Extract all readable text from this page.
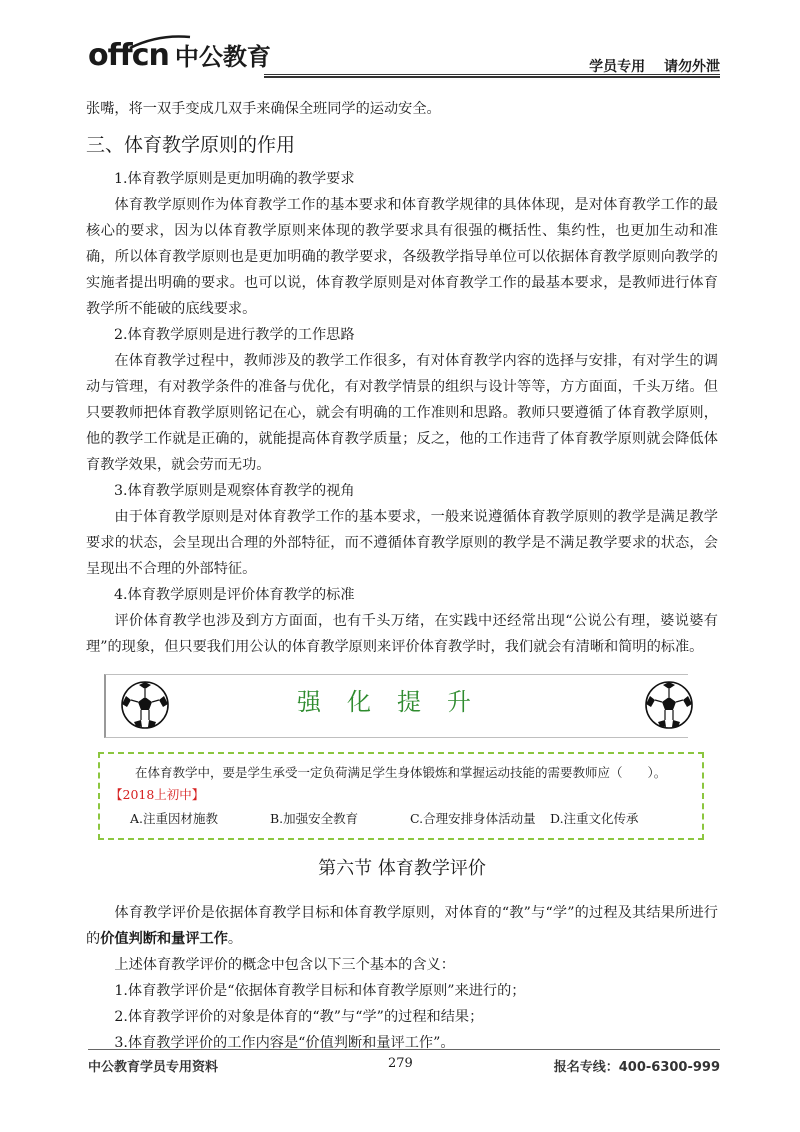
offcn 中公教育	学员专用 请勿外泄

张嘴，将一双手变成几双手来确保全班同学的运动安全。

三、体育教学原则的作用

1.体育教学原则是更加明确的教学要求

体育教学原则作为体育教学工作的基本要求和体育教学规律的具体体现，是对体育教学工作的最核心的要求，因为以体育教学原则来体现的教学要求具有很强的概括性、集约性，也更加生动和准确，所以体育教学原则也是更加明确的教学要求，各级教学指导单位可以依据体育教学原则向教学的实施者提出明确的要求。也可以说，体育教学原则是对体育教学工作的最基本要求，是教师进行体育教学所不能破的底线要求。

2.体育教学原则是进行教学的工作思路

在体育教学过程中，教师涉及的教学工作很多，有对体育教学内容的选择与安排，有对学生的调动与管理，有对教学条件的准备与优化，有对教学情景的组织与设计等等，方方面面，千头万绪。但只要教师把体育教学原则铭记在心，就会有明确的工作准则和思路。教师只要遵循了体育教学原则，他的教学工作就是正确的，就能提高体育教学质量；反之，他的工作违背了体育教学原则就会降低体育教学效果，就会劳而无功。

3.体育教学原则是观察体育教学的视角

由于体育教学原则是对体育教学工作的基本要求，一般来说遵循体育教学原则的教学是满足教学要求的状态，会呈现出合理的外部特征，而不遵循体育教学原则的教学是不满足教学要求的状态，会呈现出不合理的外部特征。

4.体育教学原则是评价体育教学的标准

评价体育教学也涉及到方方面面，也有千头万绪，在实践中还经常出现“公说公有理，婆说婆有理”的现象，但只要我们用公认的体育教学原则来评价体育教学时，我们就会有清晰和简明的标准。

强化提升
在体育教学中，要是学生承受一定负荷满足学生身体锻炼和掌握运动技能的需要教师应（　　）。【2018上初中】
A.注重因材施教	B.加强安全教育	C.合理安排身体活动量	D.注重文化传承
第六节 体育教学评价

体育教学评价是依据体育教学目标和体育教学原则，对体育的“教”与“学”的过程及其结果所进行的价值判断和量评工作。

上述体育教学评价的概念中包含以下三个基本的含义：

1.体育教学评价是“依据体育教学目标和体育教学原则”来进行的；

2.体育教学评价的对象是体育的“教”与“学”的过程和结果；

3.体育教学评价的工作内容是“价值判断和量评工作”。

中公教育学员专用资料	279	报名专线：400-6300-999
